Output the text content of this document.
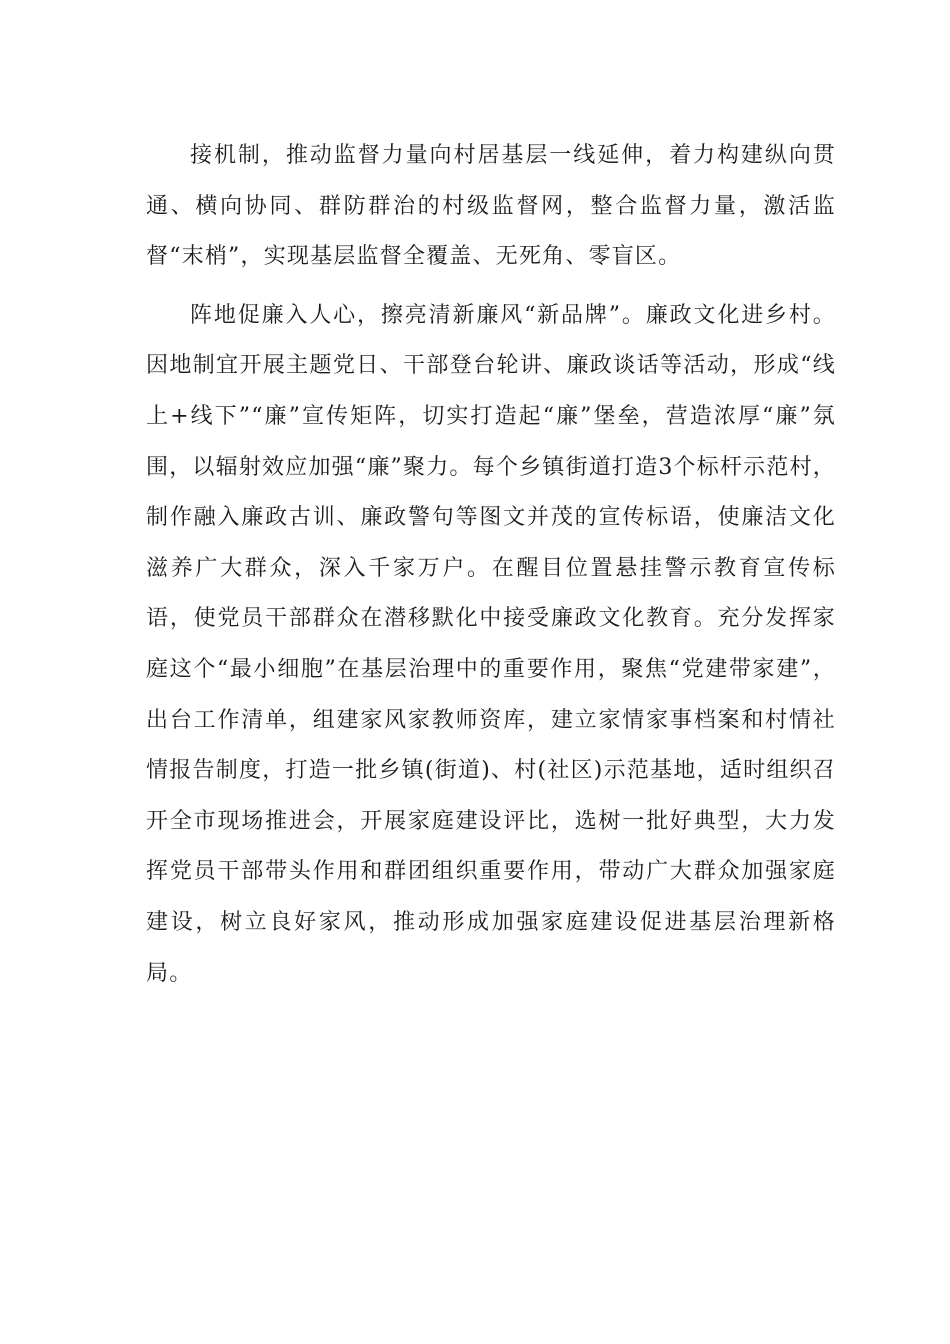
接机制，推动监督力量向村居基层一线延伸，着力构建纵向贯通、横向协同、群防群治的村级监督网，整合监督力量，激活监督“末梢”，实现基层监督全覆盖、无死角、零盲区。

阵地促廉入人心，擦亮清新廉风“新品牌”。廉政文化进乡村。因地制宜开展主题党日、干部登台轮讲、廉政谈话等活动，形成“线上+线下”“廉”宣传矩阵，切实打造起“廉”堡垒，营造浓厚“廉”氛围，以辐射效应加强“廉”聚力。每个乡镇街道打造3个标杆示范村，制作融入廉政古训、廉政警句等图文并茂的宣传标语，使廉洁文化滋养广大群众，深入千家万户。在醒目位置悬挂警示教育宣传标语，使党员干部群众在潜移默化中接受廉政文化教育。充分发挥家庭这个“最小细胞”在基层治理中的重要作用，聚焦“党建带家建”，出台工作清单，组建家风家教师资库，建立家情家事档案和村情社情报告制度，打造一批乡镇(街道)、村(社区)示范基地，适时组织召开全市现场推进会，开展家庭建设评比，选树一批好典型，大力发挥党员干部带头作用和群团组织重要作用，带动广大群众加强家庭建设，树立良好家风，推动形成加强家庭建设促进基层治理新格局。
